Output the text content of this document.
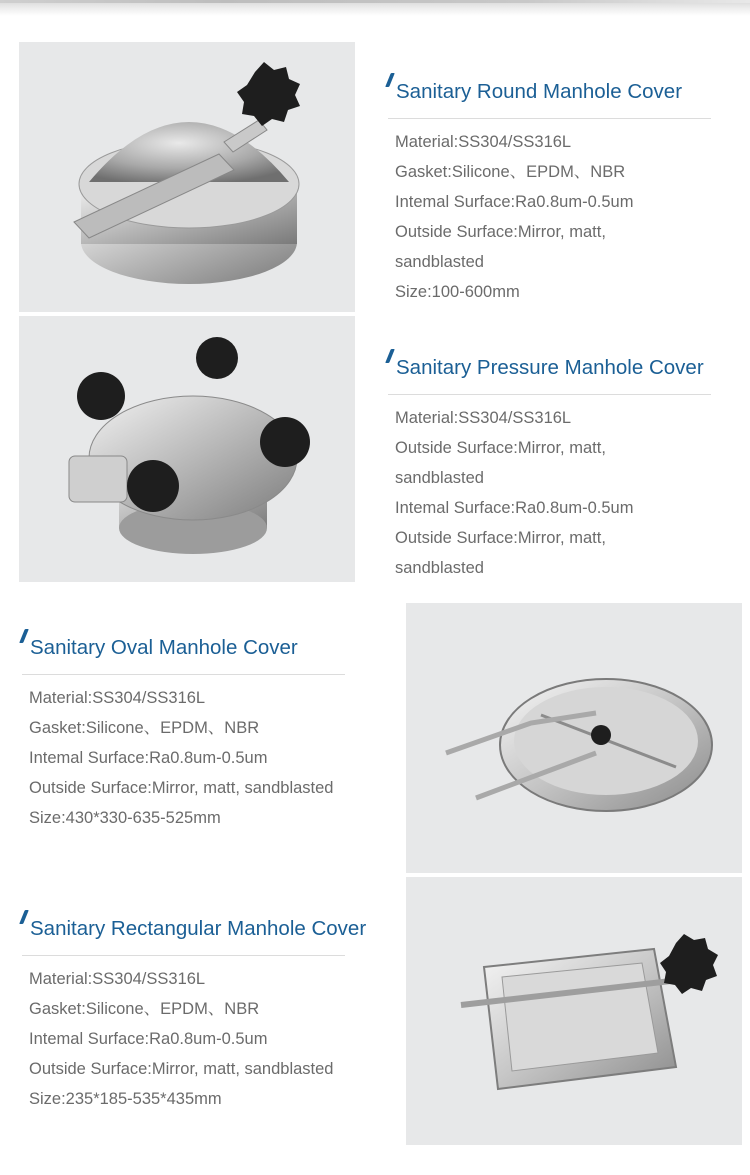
Sanitary Round Manhole Cover
Material:SS304/SS316L
Gasket:Silicone、EPDM、NBR
Intemal Surface:Ra0.8um-0.5um
Outside Surface:Mirror, matt,
sandblasted
Size:100-600mm
Sanitary Pressure Manhole Cover
Material:SS304/SS316L
Outside Surface:Mirror, matt,
sandblasted
Intemal Surface:Ra0.8um-0.5um
Outside Surface:Mirror, matt,
sandblasted
Sanitary Oval Manhole Cover
Material:SS304/SS316L
Gasket:Silicone、EPDM、NBR
Intemal Surface:Ra0.8um-0.5um
Outside Surface:Mirror, matt, sandblasted
Size:430*330-635-525mm
Sanitary Rectangular Manhole Cover
Material:SS304/SS316L
Gasket:Silicone、EPDM、NBR
Intemal Surface:Ra0.8um-0.5um
Outside Surface:Mirror, matt, sandblasted
Size:235*185-535*435mm
